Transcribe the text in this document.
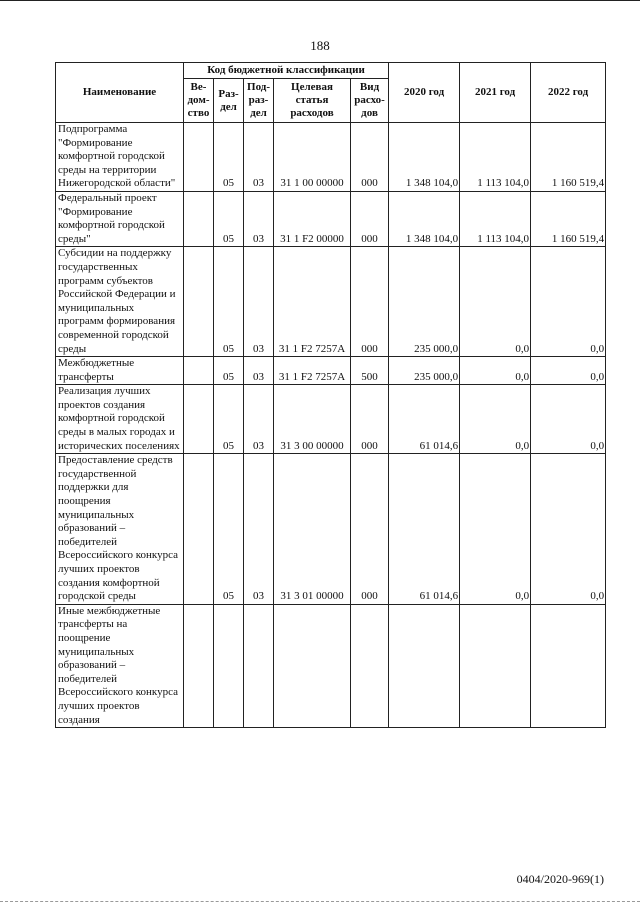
188
Наименование	Код бюджетной классификации					2020 год	2021 год	2022 год
	Ве-дом-ство	Раз-дел	Под-раз-дел	Целевая статья расходов	Вид расхо-дов			
Подпрограмма "Формирование комфортной городской среды на территории Нижегородской области"		05	03	31 1 00 00000	000	1 348 104,0	1 113 104,0	1 160 519,4
Федеральный проект "Формирование комфортной городской среды"		05	03	31 1 F2 00000	000	1 348 104,0	1 113 104,0	1 160 519,4
Субсидии на поддержку государственных программ субъектов Российской Федерации и муниципальных программ формирования современной городской среды		05	03	31 1 F2 7257A	000	235 000,0	0,0	0,0
Межбюджетные трансферты		05	03	31 1 F2 7257A	500	235 000,0	0,0	0,0
Реализация лучших проектов создания комфортной городской среды в малых городах и исторических поселениях		05	03	31 3 00 00000	000	61 014,6	0,0	0,0
Предоставление средств государственной поддержки для поощрения муниципальных образований – победителей Всероссийского конкурса лучших проектов создания комфортной городской среды		05	03	31 3 01 00000	000	61 014,6	0,0	0,0
Иные межбюджетные трансферты на поощрение муниципальных образований – победителей Всероссийского конкурса лучших проектов создания								
0404/2020-969(1)
